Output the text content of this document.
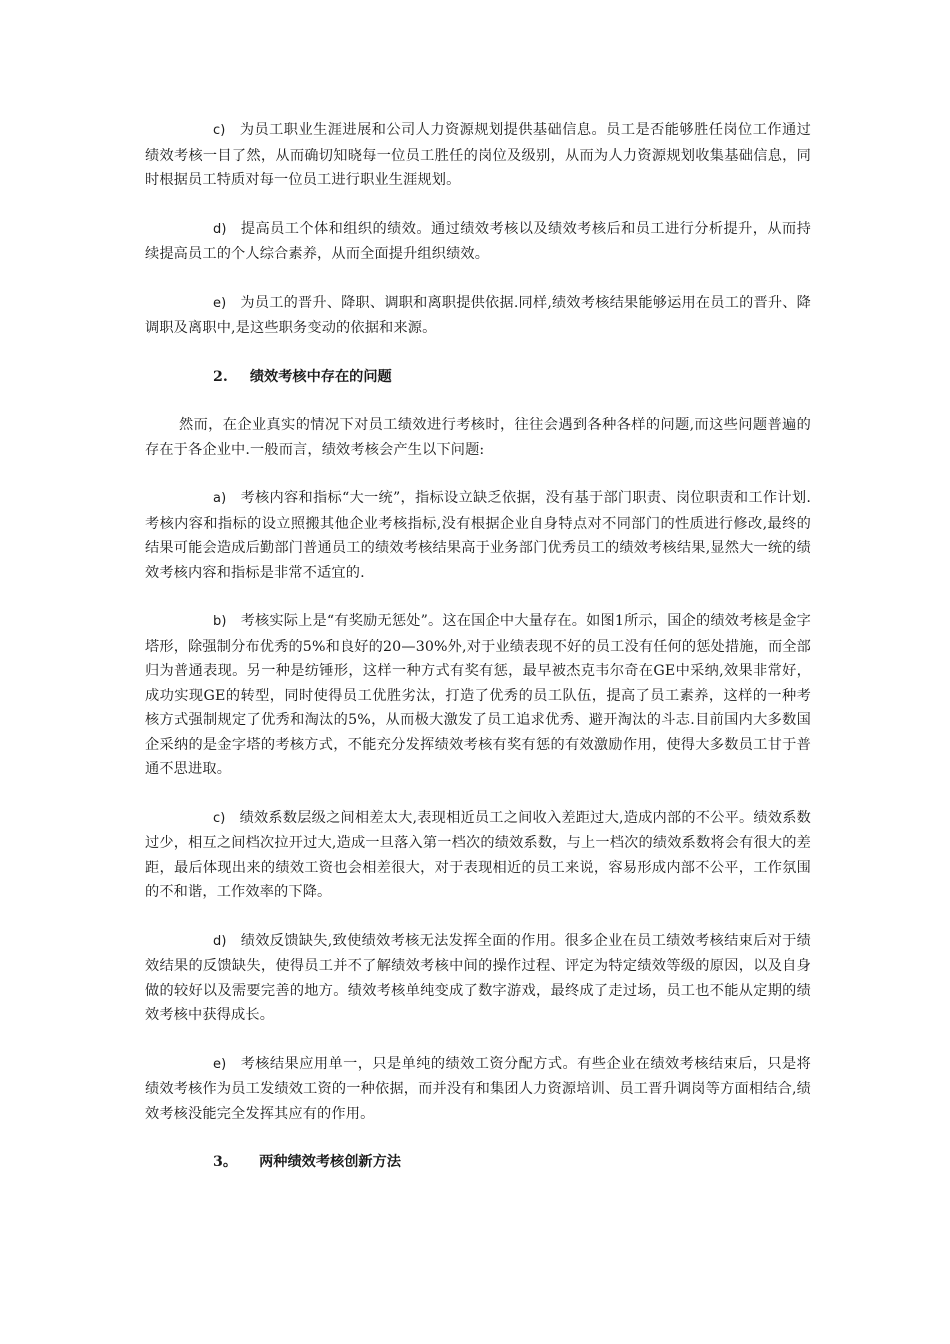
c) 为员工职业生涯进展和公司人力资源规划提供基础信息。员工是否能够胜任岗位工作通过绩效考核一目了然，从而确切知晓每一位员工胜任的岗位及级别，从而为人力资源规划收集基础信息，同时根据员工特质对每一位员工进行职业生涯规划。

d) 提高员工个体和组织的绩效。通过绩效考核以及绩效考核后和员工进行分析提升，从而持续提高员工的个人综合素养，从而全面提升组织绩效。

e) 为员工的晋升、降职、调职和离职提供依据.同样,绩效考核结果能够运用在员工的晋升、降调职及离职中,是这些职务变动的依据和来源。

2. 绩效考核中存在的问题

然而，在企业真实的情况下对员工绩效进行考核时，往往会遇到各种各样的问题,而这些问题普遍的存在于各企业中.一般而言，绩效考核会产生以下问题:

a) 考核内容和指标“大一统”，指标设立缺乏依据，没有基于部门职责、岗位职责和工作计划.考核内容和指标的设立照搬其他企业考核指标,没有根据企业自身特点对不同部门的性质进行修改,最终的结果可能会造成后勤部门普通员工的绩效考核结果高于业务部门优秀员工的绩效考核结果,显然大一统的绩效考核内容和指标是非常不适宜的.

b) 考核实际上是“有奖励无惩处”。这在国企中大量存在。如图1所示，国企的绩效考核是金字塔形，除强制分布优秀的5%和良好的20—30%外,对于业绩表现不好的员工没有任何的惩处措施，而全部归为普通表现。另一种是纺锤形，这样一种方式有奖有惩，最早被杰克韦尔奇在GE中采纳,效果非常好，成功实现GE的转型，同时使得员工优胜劣汰，打造了优秀的员工队伍，提高了员工素养，这样的一种考核方式强制规定了优秀和淘汰的5%，从而极大激发了员工追求优秀、避开淘汰的斗志.目前国内大多数国企采纳的是金字塔的考核方式，不能充分发挥绩效考核有奖有惩的有效激励作用，使得大多数员工甘于普通不思进取。

c) 绩效系数层级之间相差太大,表现相近员工之间收入差距过大,造成内部的不公平。绩效系数过少，相互之间档次拉开过大,造成一旦落入第一档次的绩效系数，与上一档次的绩效系数将会有很大的差距，最后体现出来的绩效工资也会相差很大，对于表现相近的员工来说，容易形成内部不公平，工作氛围的不和谐，工作效率的下降。

d) 绩效反馈缺失,致使绩效考核无法发挥全面的作用。很多企业在员工绩效考核结束后对于绩效结果的反馈缺失，使得员工并不了解绩效考核中间的操作过程、评定为特定绩效等级的原因，以及自身做的较好以及需要完善的地方。绩效考核单纯变成了数字游戏，最终成了走过场，员工也不能从定期的绩效考核中获得成长。

e) 考核结果应用单一，只是单纯的绩效工资分配方式。有些企业在绩效考核结束后，只是将绩效考核作为员工发绩效工资的一种依据，而并没有和集团人力资源培训、员工晋升调岗等方面相结合,绩效考核没能完全发挥其应有的作用。

3。 两种绩效考核创新方法
